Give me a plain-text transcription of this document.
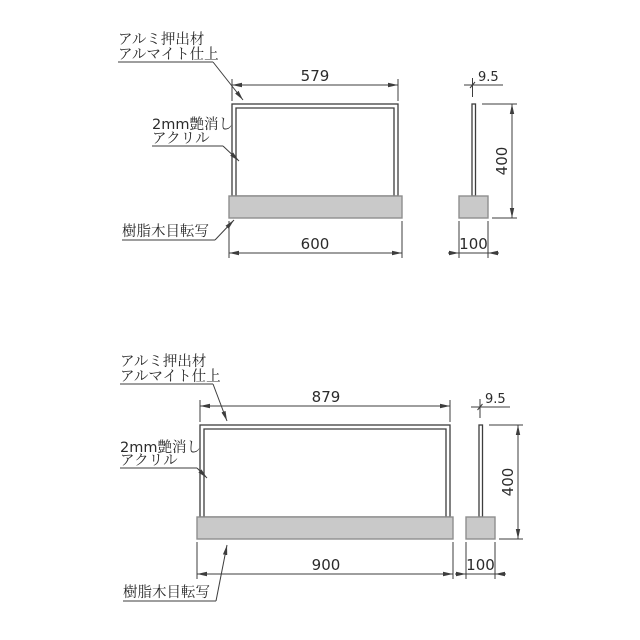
579
600
9.5
400
100
アルミ押出材
アルマイト仕上
2mm艶消し
アクリル
樹脂木目転写
879
900
9.5
400
100
アルミ押出材
アルマイト仕上
2mm艶消し
アクリル
樹脂木目転写
